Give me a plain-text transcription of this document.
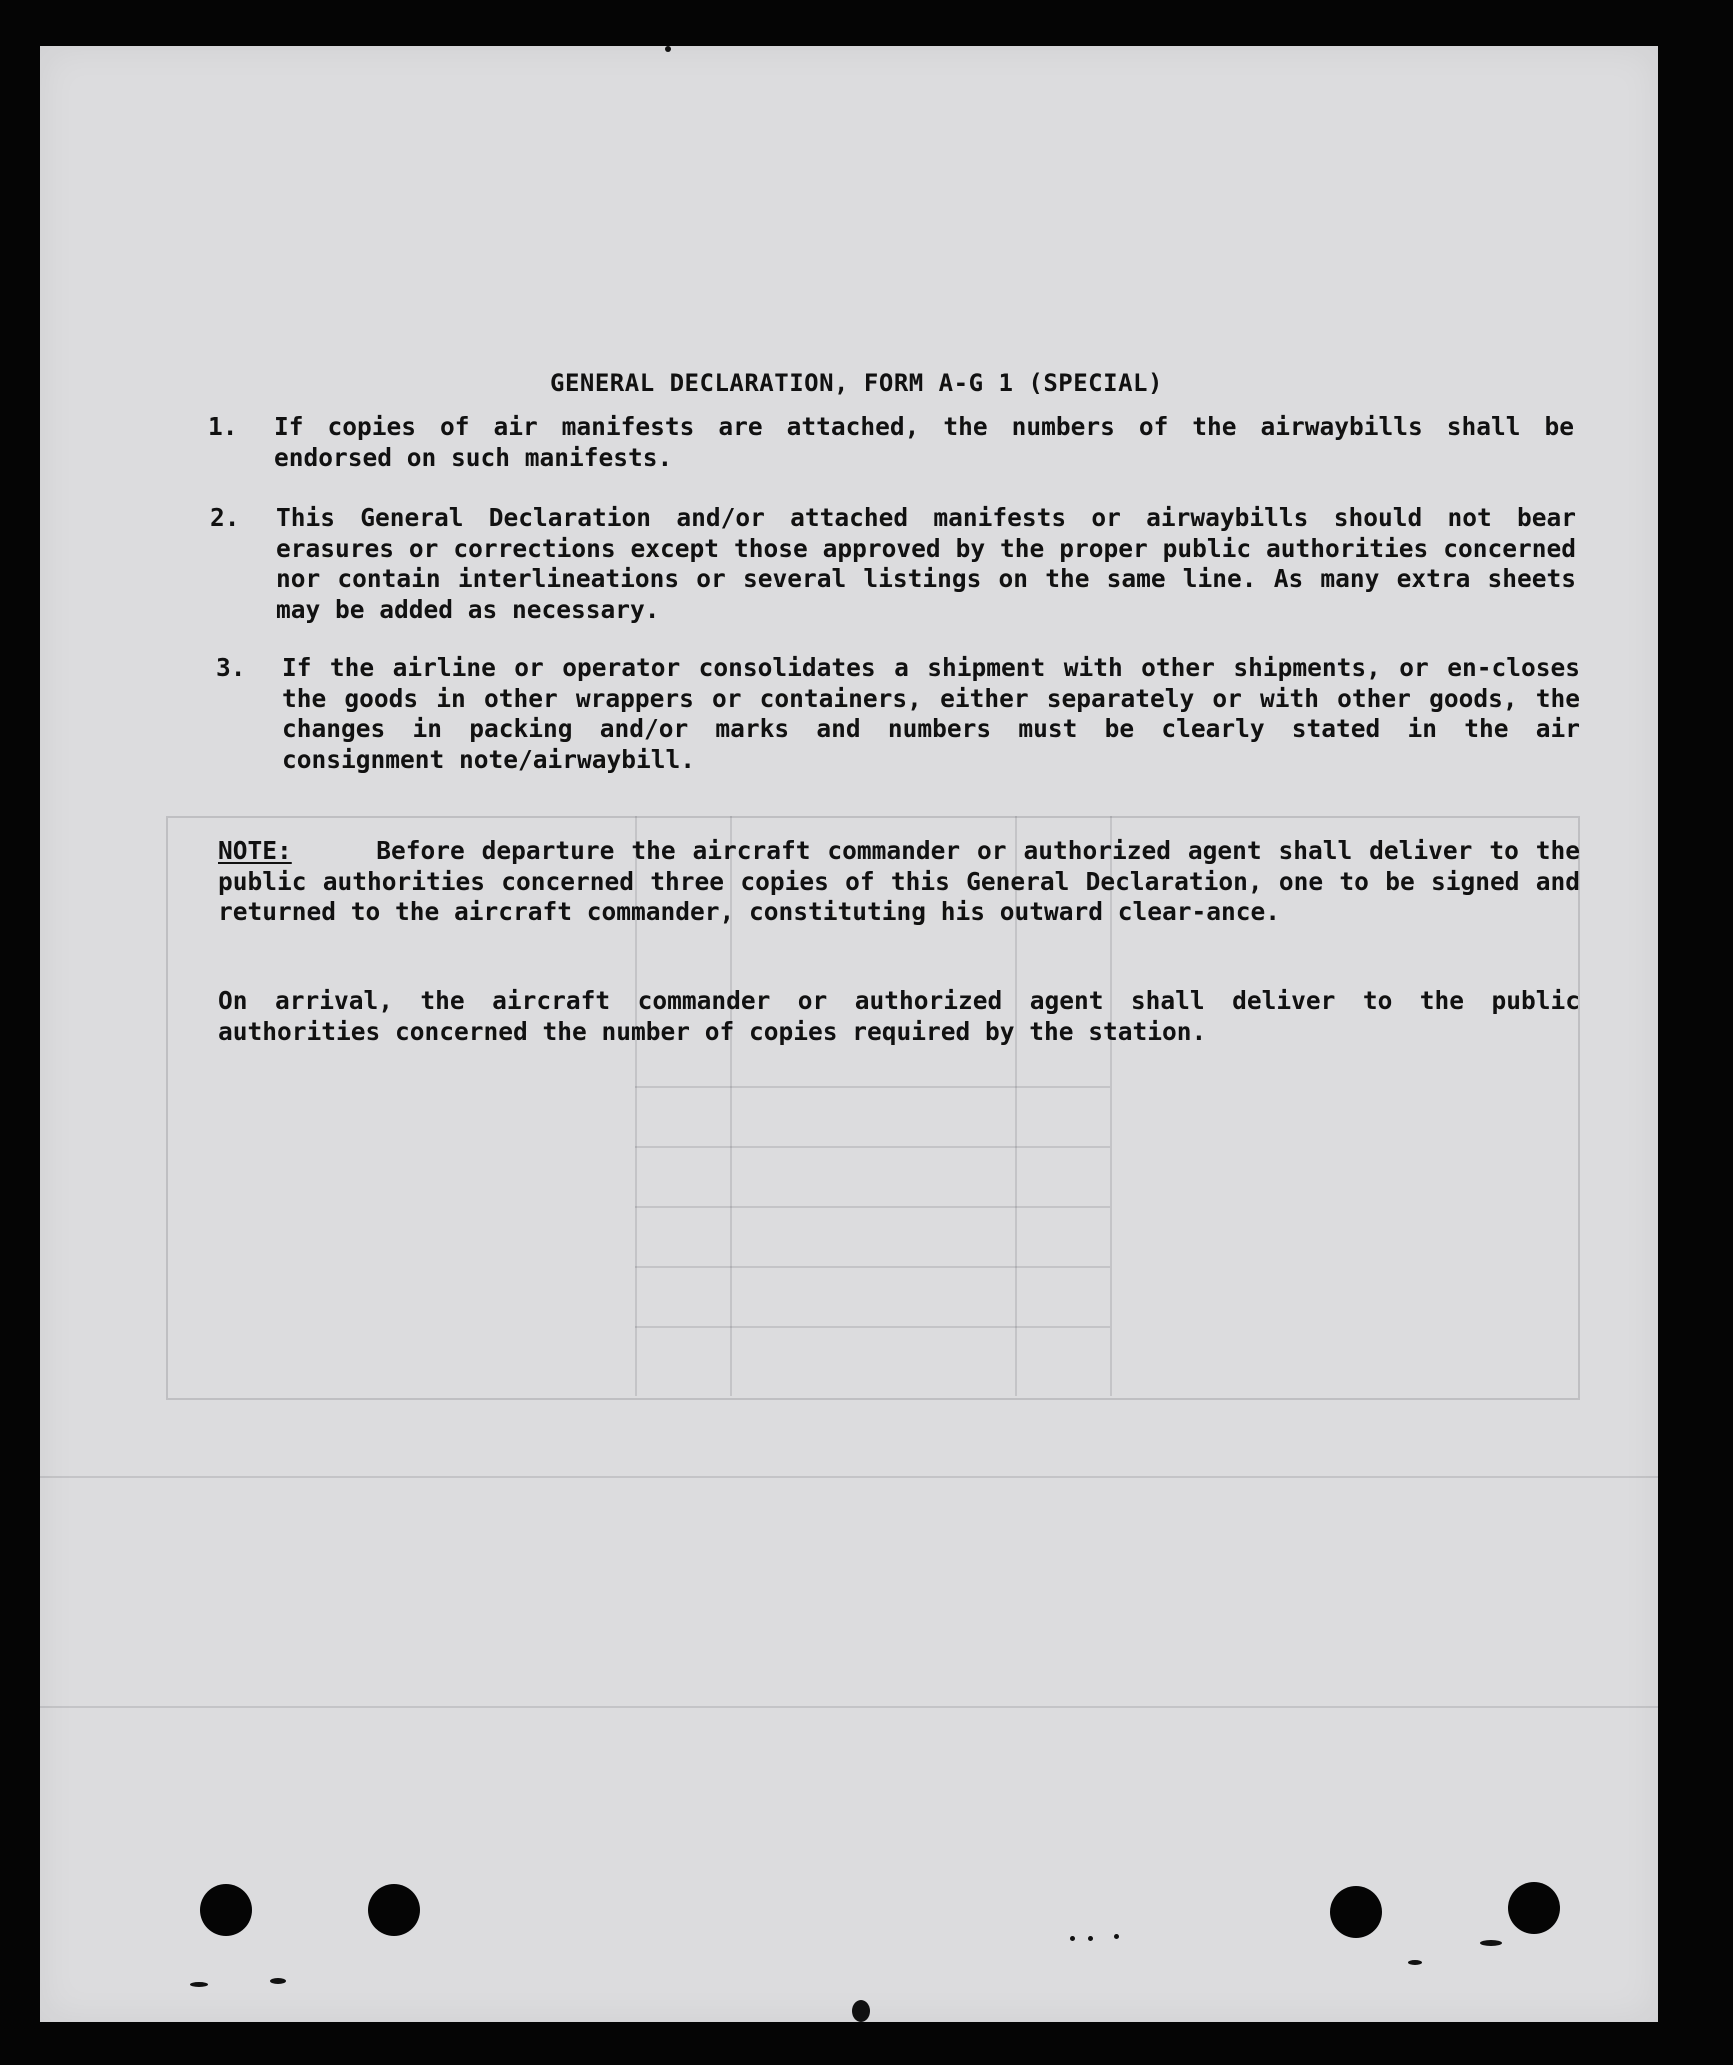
GENERAL DECLARATION, FORM A-G 1 (SPECIAL)
1. If copies of air manifests are attached, the numbers of the airwaybills shall be endorsed on such manifests.
2. This General Declaration and/or attached manifests or airwaybills should not bear erasures or corrections except those approved by the proper public authorities concerned nor contain interlineations or several listings on the same line. As many extra sheets may be added as necessary.
3. If the airline or operator consolidates a shipment with other shipments, or en-closes the goods in other wrappers or containers, either separately or with other goods, the changes in packing and/or marks and numbers must be clearly stated in the air consignment note/airwaybill.
NOTE:	Before departure the aircraft commander or authorized agent shall deliver to the public authorities concerned three copies of this General Declaration, one to be signed and returned to the aircraft commander, constituting his outward clear-ance.
On arrival, the aircraft commander or authorized agent shall deliver to the public authorities concerned the number of copies required by the station.
